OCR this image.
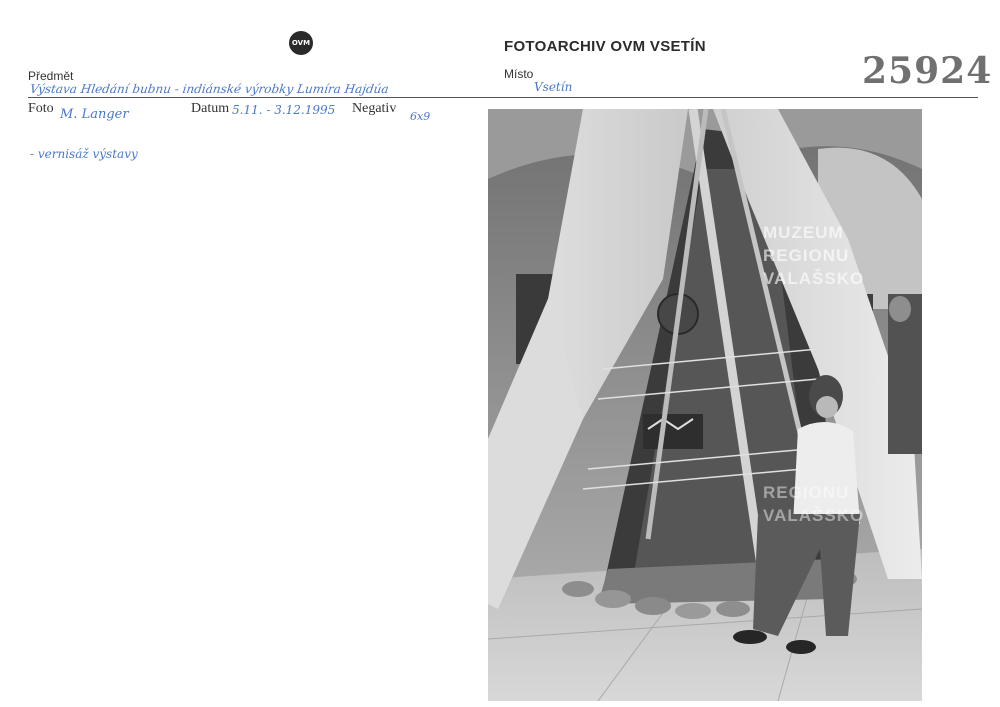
OVM	FOTOARCHIV OVM VSETÍN
25924
Předmět
Výstava Hledání bubnu - indiánské výrobky Lumíra Hajdúa
Místo
Vsetín
Foto M. Langer	Datum 5.11. - 3.12.1995 Negativ
6x9
- vernisáž výstavy
MUZEUM
REGIONU
VALAŠSKO
REGIONU
VALAŠSKO
